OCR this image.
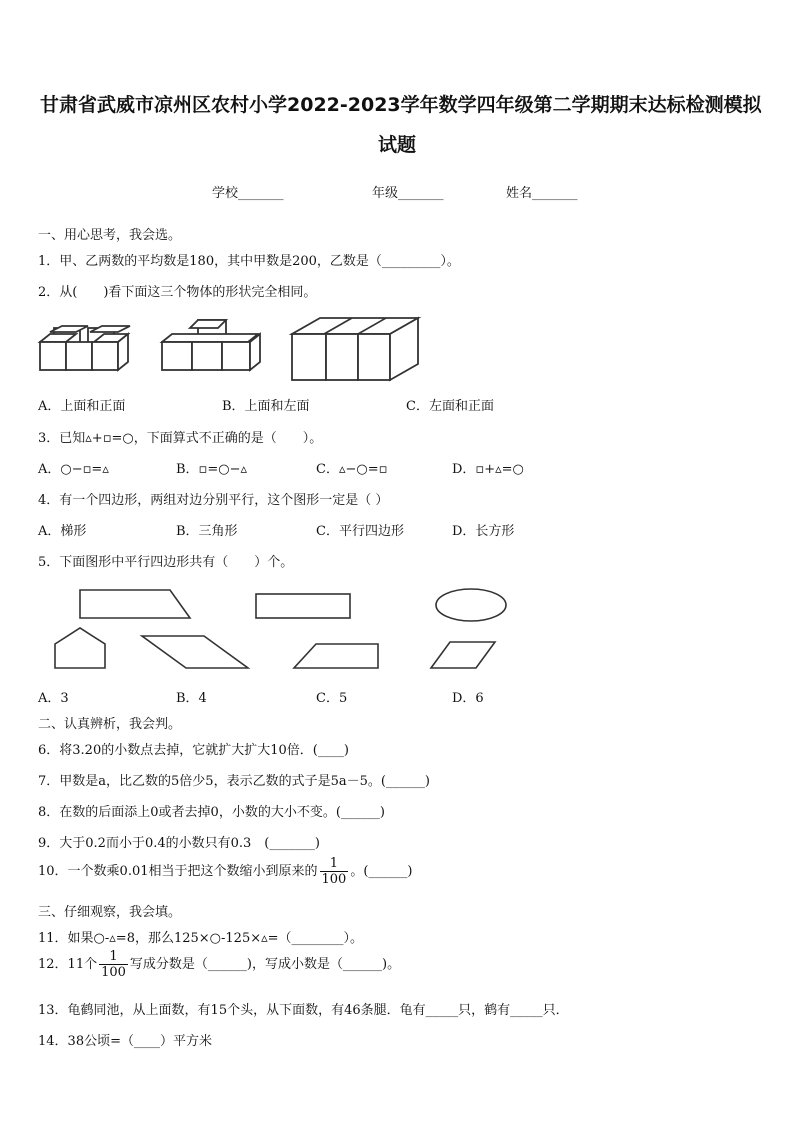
甘肃省武威市凉州区农村小学2022-2023学年数学四年级第二学期期末达标检测模拟
试题
学校_______	年级_______	姓名_______
一、用心思考，我会选。
1．甲、乙两数的平均数是180，其中甲数是200，乙数是（_________）。
2．从(　　)看下面这三个物体的形状完全相同。
A．上面和正面	B．上面和左面	C．左面和正面
3．已知▵+▫=○，下面算式不正确的是（　　）。
A．○−▫=▵	B．▫=○−▵	C．▵−○=▫	D．▫+▵=○
4．有一个四边形，两组对边分别平行，这个图形一定是（ ）
A．梯形	B．三角形	C．平行四边形	D．长方形
5．下面图形中平行四边形共有（　　）个。
A．3	B．4	C．5	D．6
二、认真辨析，我会判。
6．将3.20的小数点去掉，它就扩大扩大10倍．(____)
7．甲数是a，比乙数的5倍少5，表示乙数的式子是5a－5。(______)
8．在数的后面添上0或者去掉0，小数的大小不变。(______)
9．大于0.2而小于0.4的小数只有0.3　(_______)
10．一个数乘0.01相当于把这个数缩小到原来的 $\frac{1}{100}$ 。(______)
三、仔细观察，我会填。
11．如果○-▵=8，那么125×○-125×▵=（________）。
12．11个 $\frac{1}{100}$ 写成分数是（______)，写成小数是（______)。
13．龟鹤同池，从上面数，有15个头，从下面数，有46条腿．龟有_____只，鹤有_____只．
14．38公顷=（____）平方米
